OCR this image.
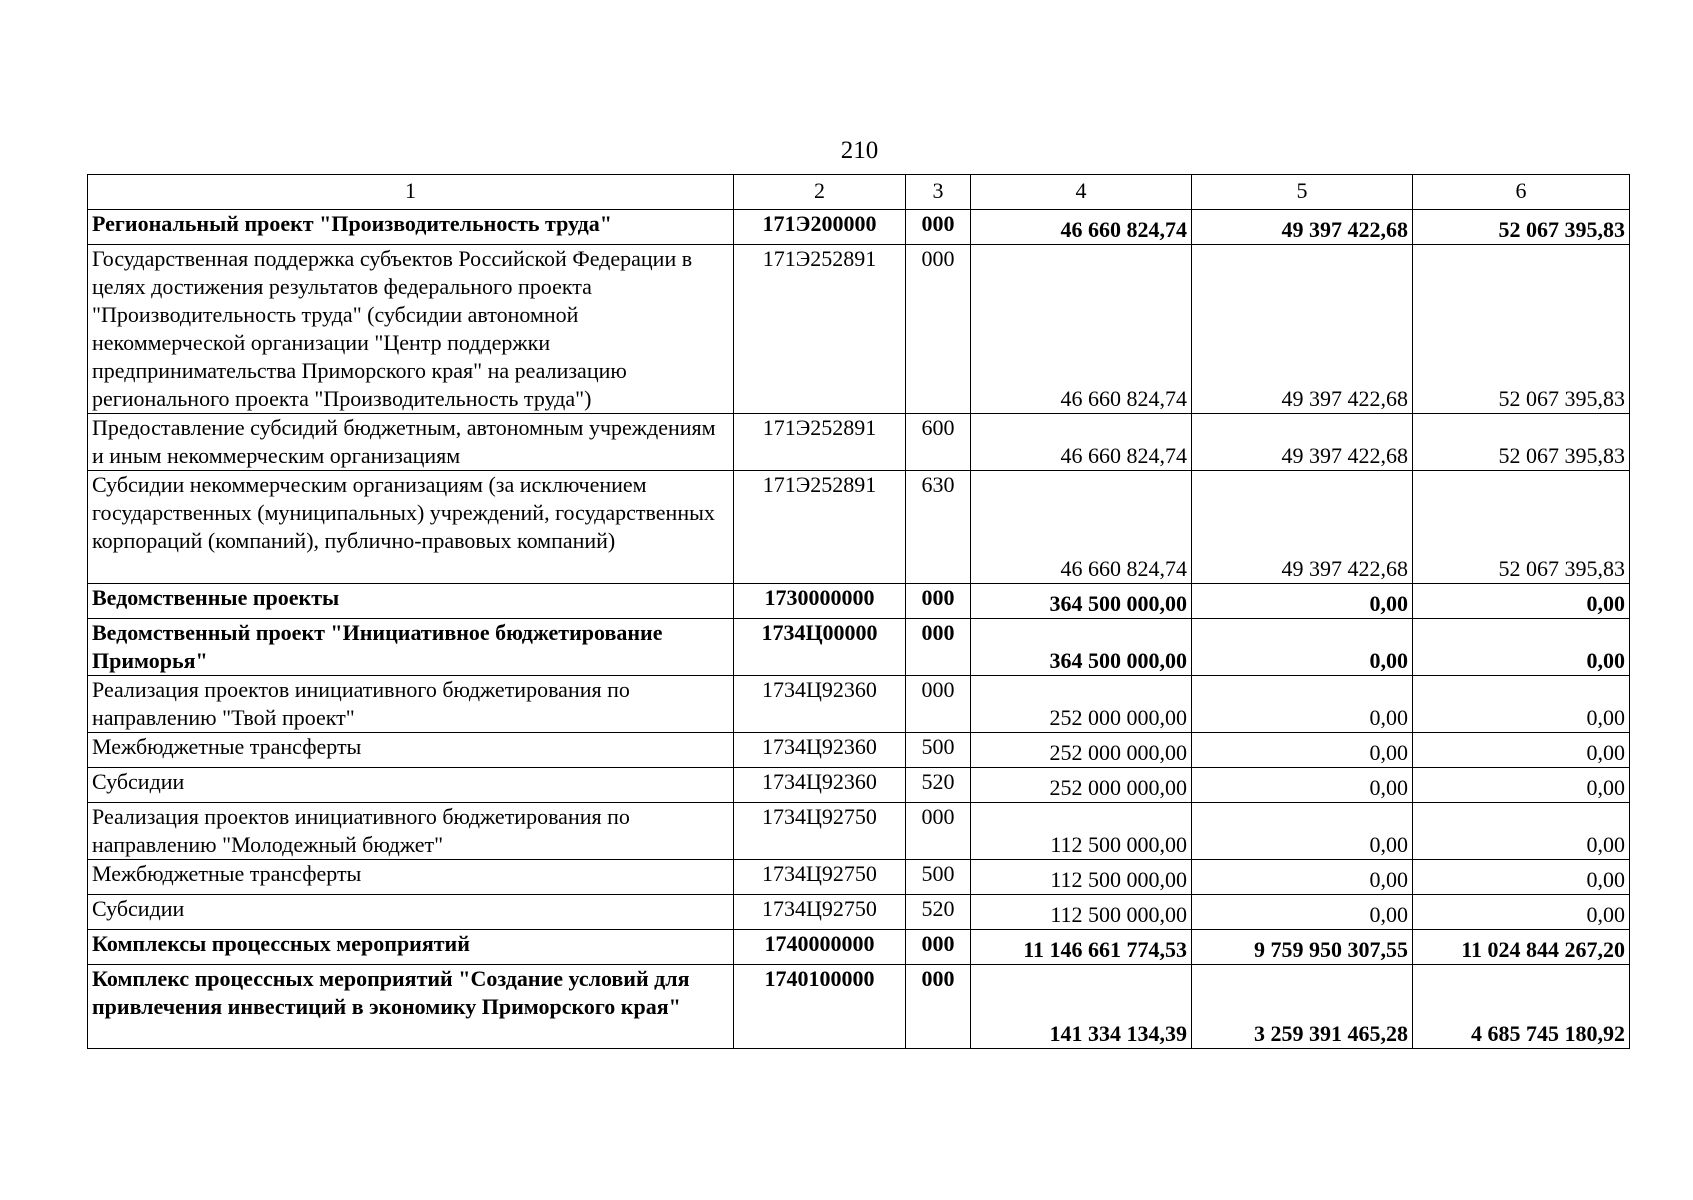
210
1	2	3	4	5	6
Региональный проект "Производительность труда"	171Э200000	000	46 660 824,74	49 397 422,68	52 067 395,83
Государственная поддержка субъектов Российской Федерации в целях достижения результатов федерального проекта "Производительность труда" (субсидии автономной некоммерческой организации "Центр поддержки предпринимательства Приморского края" на реализацию регионального проекта "Производительность труда")	171Э252891	000	46 660 824,74	49 397 422,68	52 067 395,83
Предоставление субсидий бюджетным, автономным учреждениям и иным некоммерческим организациям	171Э252891	600	46 660 824,74	49 397 422,68	52 067 395,83
Субсидии некоммерческим организациям (за исключением государственных (муниципальных) учреждений, государственных корпораций (компаний), публично-правовых компаний)	171Э252891	630	46 660 824,74	49 397 422,68	52 067 395,83
Ведомственные проекты	1730000000	000	364 500 000,00	0,00	0,00
Ведомственный проект "Инициативное бюджетирование Приморья"	1734Ц00000	000	364 500 000,00	0,00	0,00
Реализация проектов инициативного бюджетирования по направлению "Твой проект"	1734Ц92360	000	252 000 000,00	0,00	0,00
Межбюджетные трансферты	1734Ц92360	500	252 000 000,00	0,00	0,00
Субсидии	1734Ц92360	520	252 000 000,00	0,00	0,00
Реализация проектов инициативного бюджетирования по направлению "Молодежный бюджет"	1734Ц92750	000	112 500 000,00	0,00	0,00
Межбюджетные трансферты	1734Ц92750	500	112 500 000,00	0,00	0,00
Субсидии	1734Ц92750	520	112 500 000,00	0,00	0,00
Комплексы процессных мероприятий	1740000000	000	11 146 661 774,53	9 759 950 307,55	11 024 844 267,20
Комплекс процессных мероприятий "Создание условий для привлечения инвестиций в экономику Приморского края"	1740100000	000	141 334 134,39	3 259 391 465,28	4 685 745 180,92
